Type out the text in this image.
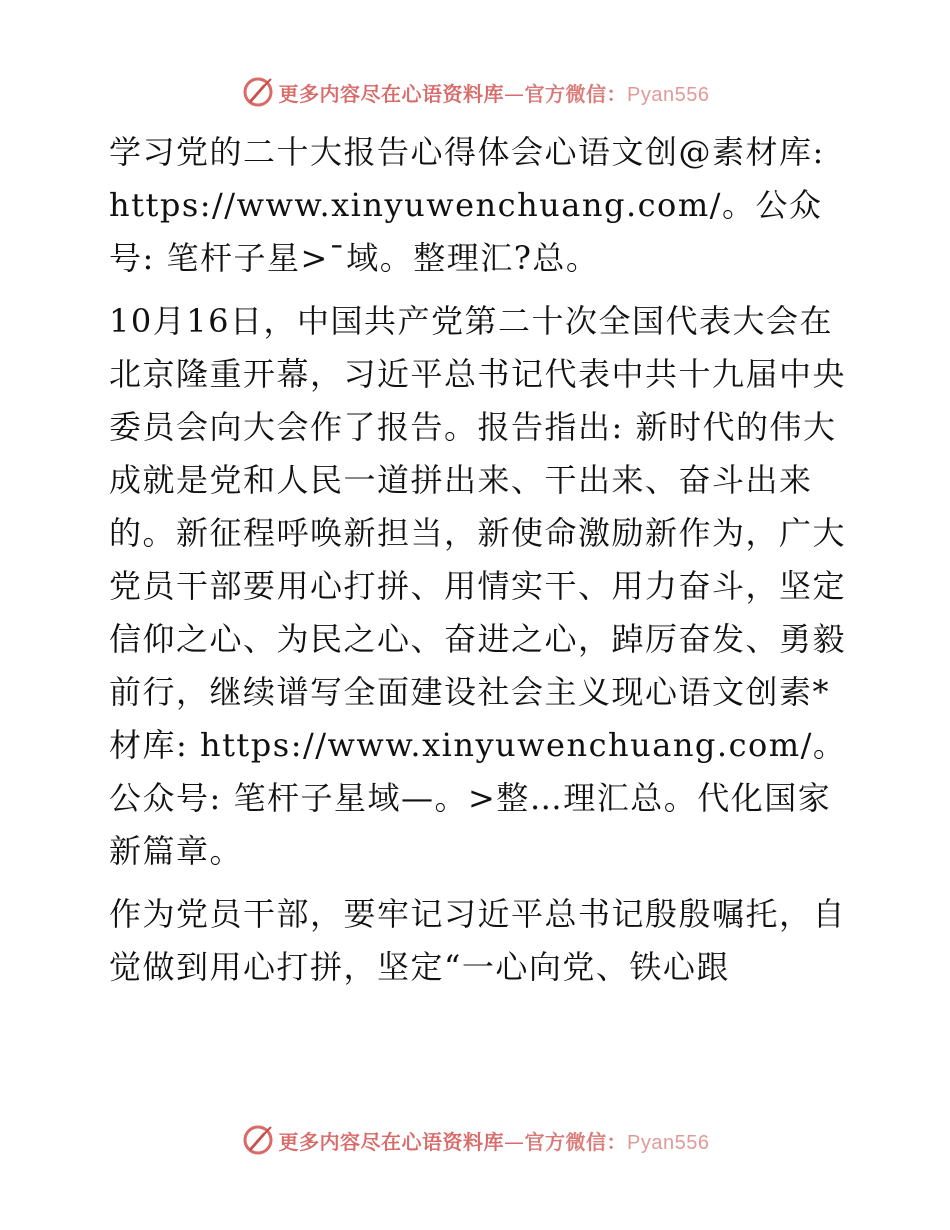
更多内容尽在心语资料库—官方微信：Pyan556

学习党的二十大报告心得体会心语文创@素材库: https://www.xinyuwenchuang.com/。公众号: 笔杆子星>¯域。整理汇?总。

10月16日，中国共产党第二十次全国代表大会在北京隆重开幕，习近平总书记代表中共十九届中央委员会向大会作了报告。报告指出: 新时代的伟大成就是党和人民一道拼出来、干出来、奋斗出来的。新征程呼唤新担当，新使命激励新作为，广大党员干部要用心打拼、用情实干、用力奋斗，坚定信仰之心、为民之心、奋进之心，踔厉奋发、勇毅前行，继续谱写全面建设社会主义现心语文创素*材库: https://www.xinyuwenchuang.com/。公众号: 笔杆子星域—。>整…理汇总。代化国家新篇章。

作为党员干部，要牢记习近平总书记殷殷嘱托，自觉做到用心打拼，坚定“一心向党、铁心跟

更多内容尽在心语资料库—官方微信：Pyan556
